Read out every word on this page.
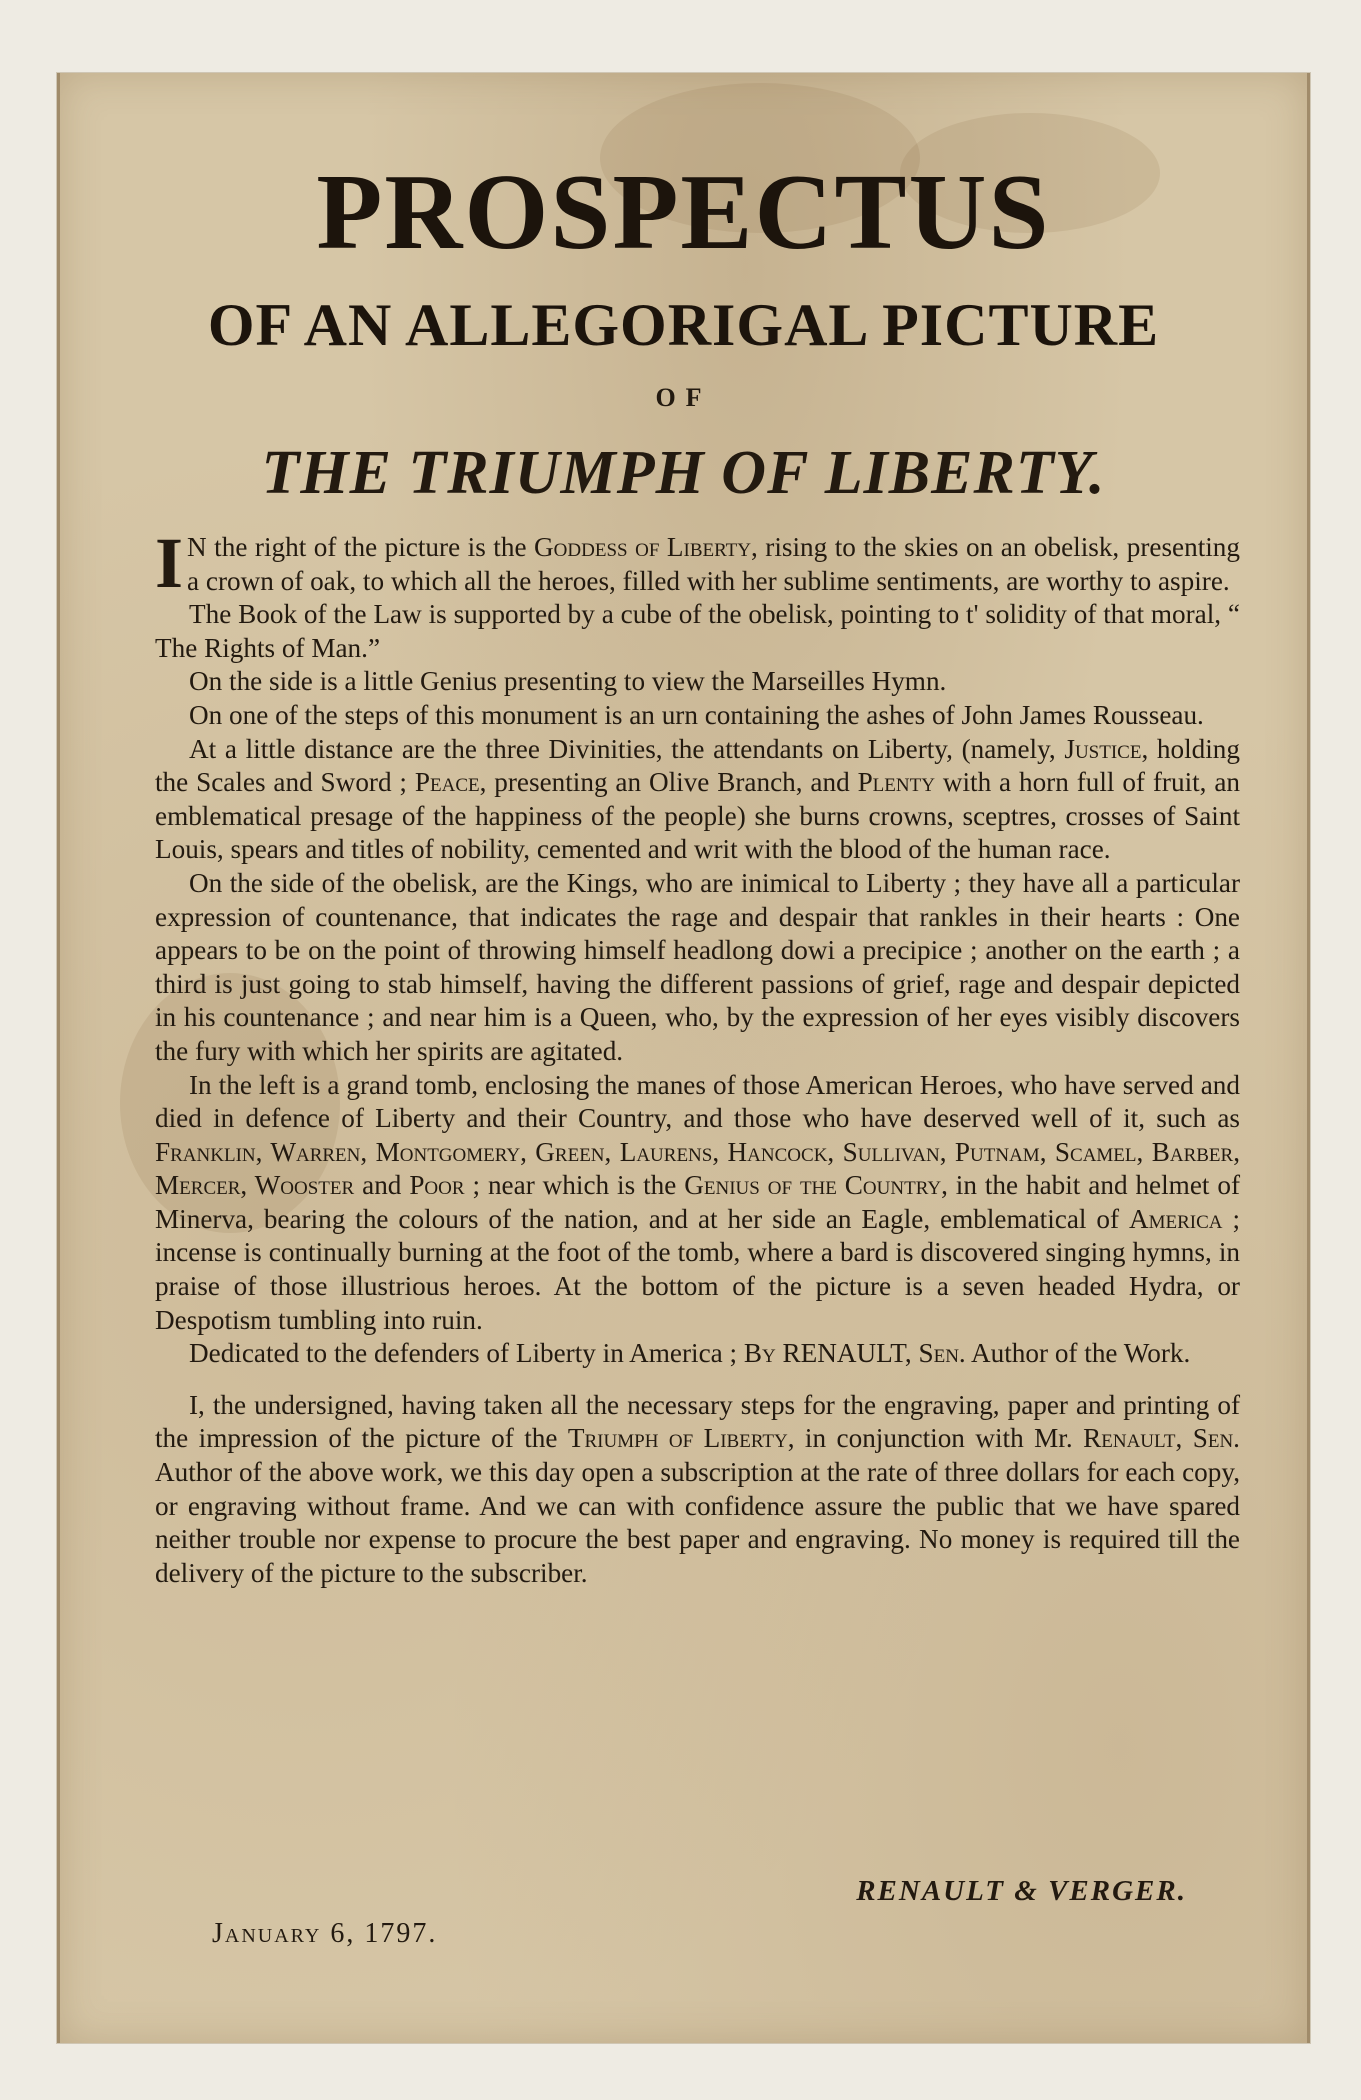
PROSPECTUS
OF AN ALLEGORIGAL PICTURE
OF
THE TRIUMPH OF LIBERTY.

I N the right of the picture is the Goddess of Liberty, rising to the skies on an obelisk, presenting a crown of oak, to which all the heroes, filled with her sublime sentiments, are worthy to aspire.

The Book of the Law is supported by a cube of the obelisk, pointing to t' solidity of that moral, “ The Rights of Man.”

On the side is a little Genius presenting to view the Marseilles Hymn.

On one of the steps of this monument is an urn containing the ashes of John James Rousseau.

At a little distance are the three Divinities, the attendants on Liberty, (namely, Justice, holding the Scales and Sword ; Peace, presenting an Olive Branch, and Plenty with a horn full of fruit, an emblematical presage of the happiness of the people) she burns crowns, sceptres, crosses of Saint Louis, spears and titles of nobility, cemented and writ with the blood of the human race.

On the side of the obelisk, are the Kings, who are inimical to Liberty ; they have all a particular expression of countenance, that indicates the rage and despair that rankles in their hearts : One appears to be on the point of throwing himself headlong dowi a precipice ; another on the earth ; a third is just going to stab himself, having the different passions of grief, rage and despair depicted in his countenance ; and near him is a Queen, who, by the expression of her eyes visibly discovers the fury with which her spirits are agitated.

In the left is a grand tomb, enclosing the manes of those American Heroes, who have served and died in defence of Liberty and their Country, and those who have deserved well of it, such as Franklin, Warren, Montgomery, Green, Laurens, Hancock, Sullivan, Putnam, Scamel, Barber, Mercer, Wooster and Poor ; near which is the Genius of the Country, in the habit and helmet of Minerva, bearing the colours of the nation, and at her side an Eagle, emblematical of America ; incense is continually burning at the foot of the tomb, where a bard is discovered singing hymns, in praise of those illustrious heroes. At the bottom of the picture is a seven headed Hydra, or Despotism tumbling into ruin.

Dedicated to the defenders of Liberty in America ; By RENAULT, Sen. Author of the Work.

I, the undersigned, having taken all the necessary steps for the engraving, paper and printing of the impression of the picture of the Triumph of Liberty, in conjunction with Mr. Renault, Sen. Author of the above work, we this day open a subscription at the rate of three dollars for each copy, or engraving without frame. And we can with confidence assure the public that we have spared neither trouble nor expense to procure the best paper and engraving. No money is required till the delivery of the picture to the subscriber.

RENAULT & VERGER.
January 6, 1797.
